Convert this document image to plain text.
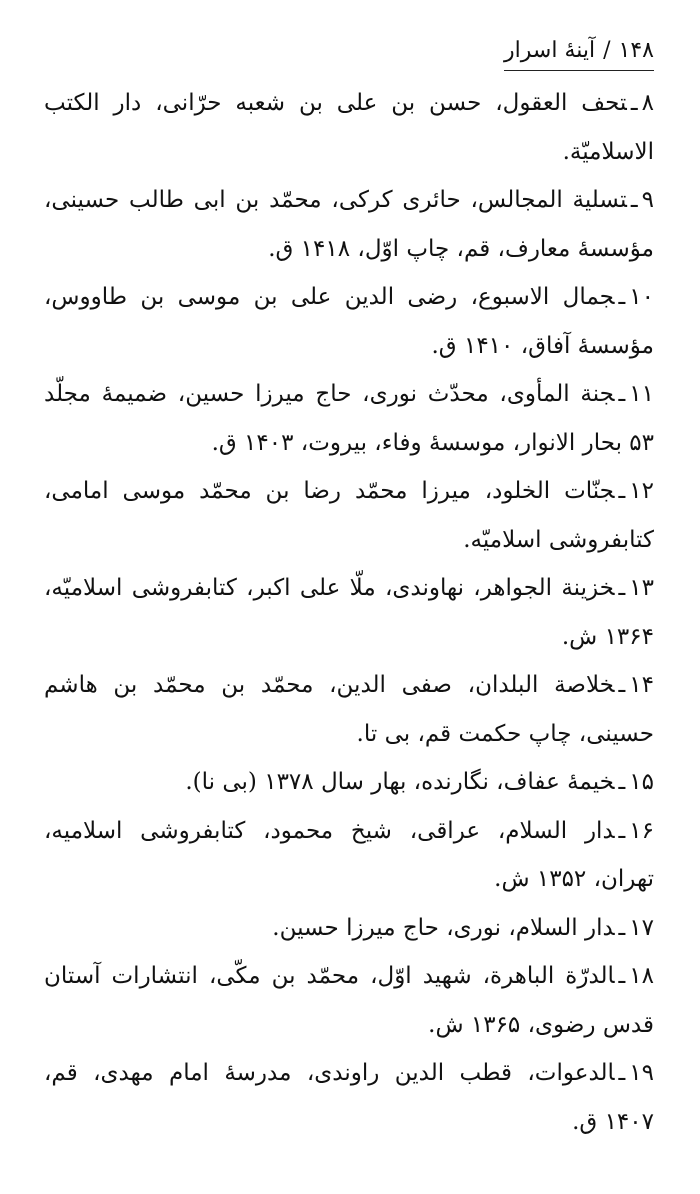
۱۴۸/آینهٔ اسرار
۸ـتحف العقول، حسن بن على بن شعبه حرّانى، دار الكتب الاسلاميّة.
۹ـتسلية المجالس، حائرى كركى، محمّد بن ابى طالب حسينى، مؤسسهٔ معارف، قم، چاپ اوّل، ۱۴۱۸ ق.
۱۰ـجمال الاسبوع، رضى الدين على بن موسى بن طاووس، مؤسسهٔ آفاق، ۱۴۱۰ ق.
۱۱ـجنة المأوى، محدّث نورى، حاج ميرزا حسين، ضميمهٔ مجلّد ۵۳ بحار الانوار، موسسهٔ وفاء، بيروت، ۱۴۰۳ ق.
۱۲ـجنّات الخلود، ميرزا محمّد رضا بن محمّد موسى امامى، كتابفروشى اسلاميّه.
۱۳ـخزينة الجواهر، نهاوندى، ملّا على اكبر، كتابفروشى اسلاميّه، ۱۳۶۴ ش.
۱۴ـخلاصة البلدان، صفى الدين، محمّد بن محمّد بن هاشم حسينى، چاپ حكمت قم، بى تا.
۱۵ـخيمهٔ عفاف، نگارنده، بهار سال ۱۳۷۸ (بى نا).
۱۶ـدار السلام، عراقى، شيخ محمود، كتابفروشى اسلاميه، تهران، ۱۳۵۲ ش.
۱۷ـدار السلام، نورى، حاج ميرزا حسين.
۱۸ـالدرّة الباهرة، شهيد اوّل، محمّد بن مكّى، انتشارات آستان قدس رضوى، ۱۳۶۵ ش.
۱۹ـالدعوات، قطب الدين راوندى، مدرسهٔ امام مهدى، قم، ۱۴۰۷ ق.
